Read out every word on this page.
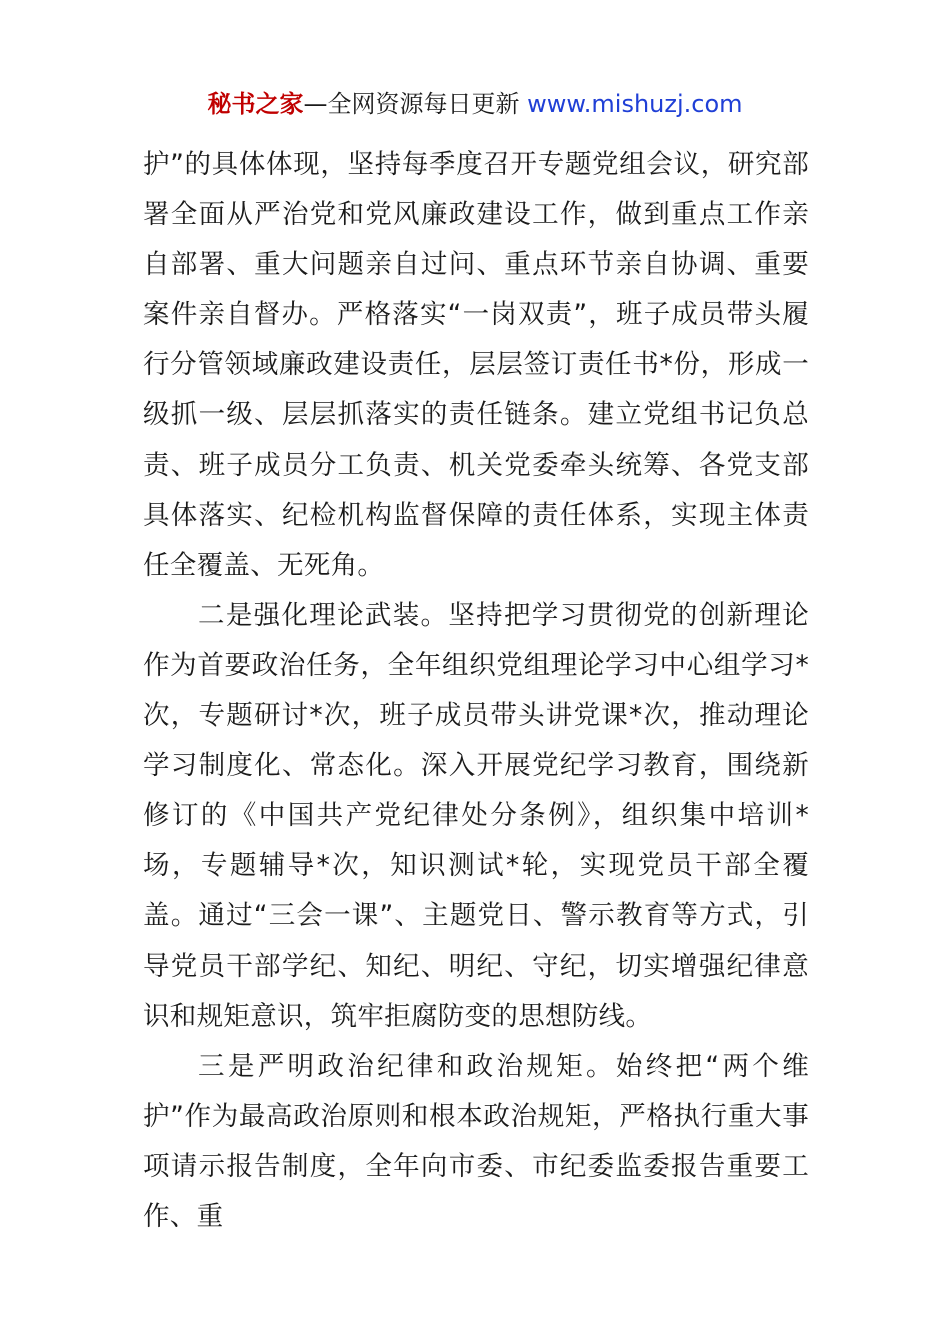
秘书之家—全网资源每日更新 www.mishuzj.com

护”的具体体现，坚持每季度召开专题党组会议，研究部署全面从严治党和党风廉政建设工作，做到重点工作亲自部署、重大问题亲自过问、重点环节亲自协调、重要案件亲自督办。严格落实“一岗双责”，班子成员带头履行分管领域廉政建设责任，层层签订责任书*份，形成一级抓一级、层层抓落实的责任链条。建立党组书记负总责、班子成员分工负责、机关党委牵头统筹、各党支部具体落实、纪检机构监督保障的责任体系，实现主体责任全覆盖、无死角。

二是强化理论武装。坚持把学习贯彻党的创新理论作为首要政治任务，全年组织党组理论学习中心组学习*次，专题研讨*次，班子成员带头讲党课*次，推动理论学习制度化、常态化。深入开展党纪学习教育，围绕新修订的《中国共产党纪律处分条例》，组织集中培训*场，专题辅导*次，知识测试*轮，实现党员干部全覆盖。通过“三会一课”、主题党日、警示教育等方式，引导党员干部学纪、知纪、明纪、守纪，切实增强纪律意识和规矩意识，筑牢拒腐防变的思想防线。

三是严明政治纪律和政治规矩。始终把“两个维护”作为最高政治原则和根本政治规矩，严格执行重大事项请示报告制度，全年向市委、市纪委监委报告重要工作、重
